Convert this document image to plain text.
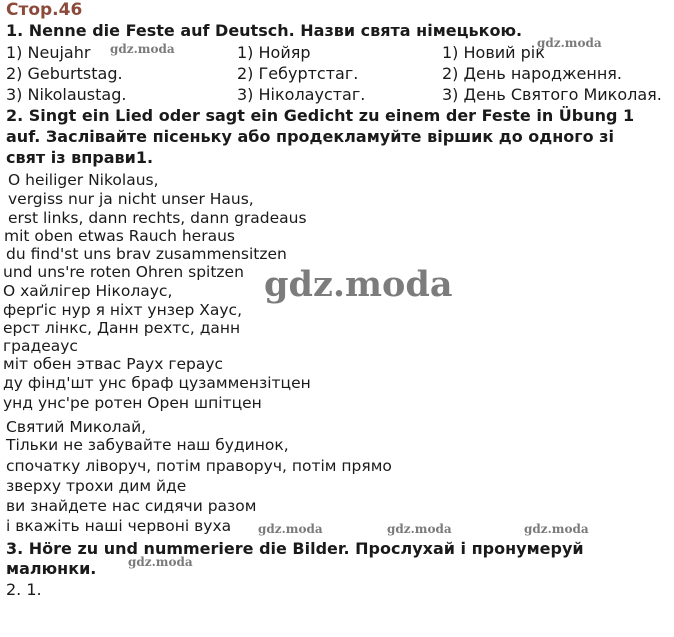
Стор.46
1. Nenne die Feste auf Deutsch. Назви свята німецькою.
1) Neujahr	1) Нойяр	1) Новий рік
2) Geburtstag.	2) Гебуртстаг.	2) День народження.
3) Nikolaustag.	3) Ніколаустаг.	3) День Святого Миколая.
2. Singt ein Lied oder sagt ein Gedicht zu einem der Feste in Übung 1
auf. Заслівайте пісеньку або продекламуйте віршик до одного зі
свят із вправи1.
O heiliger Nikolaus,
vergiss nur ja nicht unser Haus,
erst links, dann rechts, dann gradeaus
mit oben etwas Rauch heraus
du find'st uns brav zusammensitzen
und uns're roten Ohren spitzen
О хайлігер Ніколаус,
ферґіс нур я ніхт унзер Хаус,
ерст лінкс, Данн рехтс, данн
градеаус
міт обен этвас Раух герaус
ду фінд'шт унс браф цузаммензітцен
унд унс'ре ротен Орен шпітцен
Святий Миколай,
Тільки не забувайте наш будинок,
спочатку ліворуч, потім праворуч, потім прямо
зверху трохи дим йде
ви знайдете нас сидячи разом
і вкажіть наші червоні вуха
3. Höre zu und nummeriere die Bilder. Прослухай і пронумеруй
малюнки.
2. 1.
gdz.moda	gdz.moda
gdz.moda	gdz.moda	gdz.moda
gdz.moda
gdz.moda
